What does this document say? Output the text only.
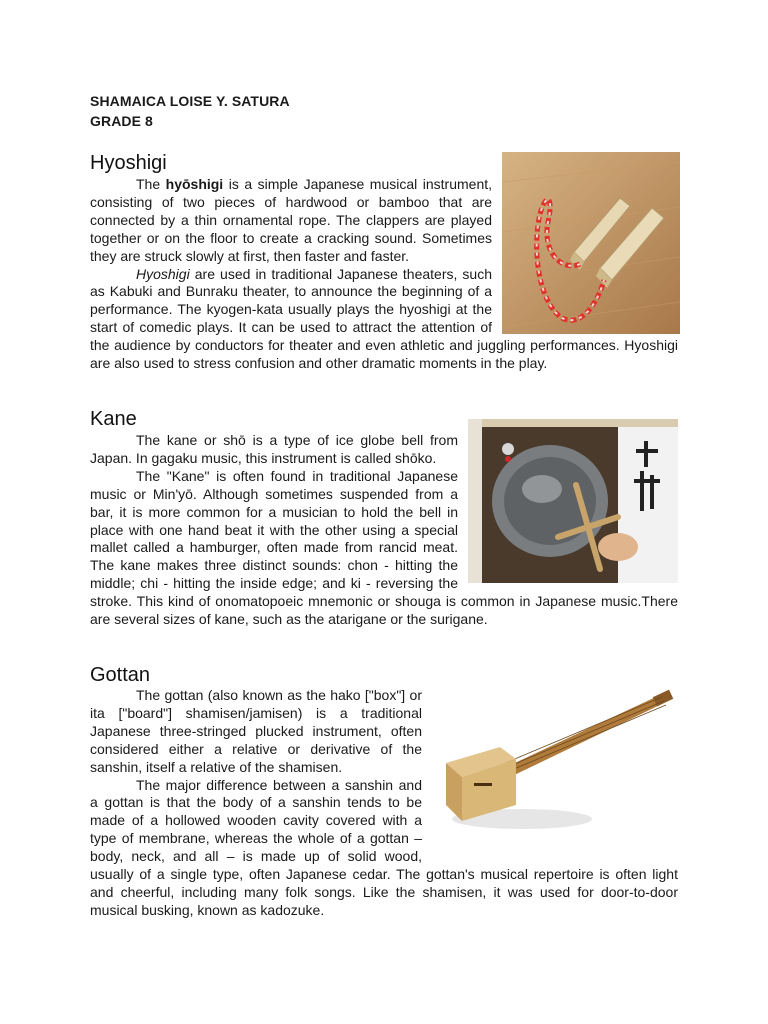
SHAMAICA LOISE Y. SATURA
GRADE 8
Hyoshigi

The hyōshigi is a simple Japanese musical instrument, consisting of two pieces of hardwood or bamboo that are connected by a thin ornamental rope. The clappers are played together or on the floor to create a cracking sound. Sometimes they are struck slowly at first, then faster and faster.

Hyoshigi are used in traditional Japanese theaters, such as Kabuki and Bunraku theater, to announce the beginning of a performance. The kyogen-kata usually plays the hyoshigi at the start of comedic plays. It can be used to attract the attention of the audience by conductors for theater and even athletic and juggling performances. Hyoshigi are also used to stress confusion and other dramatic moments in the play.

Kane

The kane or shō is a type of ice globe bell from Japan. In gagaku music, this instrument is called shōko.

The "Kane" is often found in traditional Japanese music or Min'yō. Although sometimes suspended from a bar, it is more common for a musician to hold the bell in place with one hand beat it with the other using a special mallet called a hamburger, often made from rancid meat. The kane makes three distinct sounds: chon - hitting the middle; chi - hitting the inside edge; and ki - reversing the stroke. This kind of onomatopoeic mnemonic or shouga is common in Japanese music.There are several sizes of kane, such as the atarigane or the surigane.

Gottan

The gottan (also known as the hako ["box"] or ita ["board"] shamisen/jamisen) is a traditional Japanese three-stringed plucked instrument, often considered either a relative or derivative of the sanshin, itself a relative of the shamisen.

The major difference between a sanshin and a gottan is that the body of a sanshin tends to be made of a hollowed wooden cavity covered with a type of membrane, whereas the whole of a gottan – body, neck, and all – is made up of solid wood, usually of a single type, often Japanese cedar. The gottan's musical repertoire is often light and cheerful, including many folk songs. Like the shamisen, it was used for door-to-door musical busking, known as kadozuke.
